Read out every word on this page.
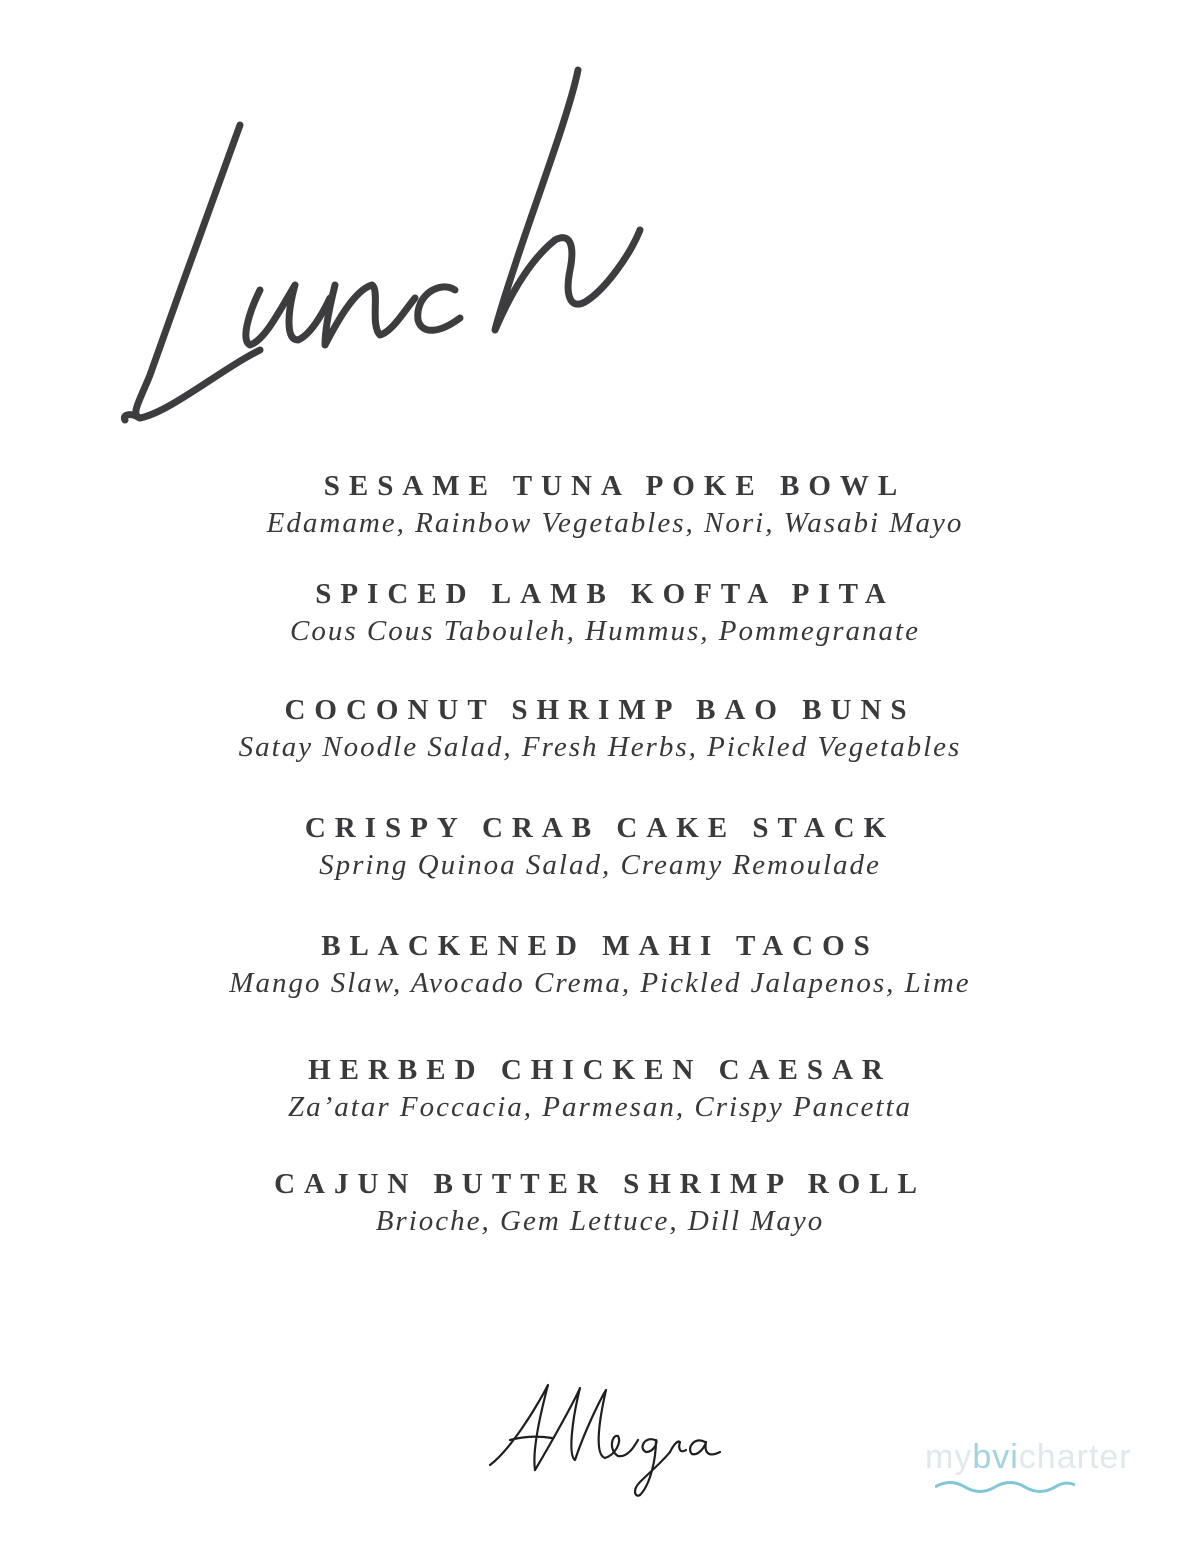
SESAME TUNA POKE BOWL
Edamame, Rainbow Vegetables, Nori, Wasabi Mayo
SPICED LAMB KOFTA PITA
Cous Cous Tabouleh, Hummus, Pommegranate
COCONUT SHRIMP BAO BUNS
Satay Noodle Salad, Fresh Herbs, Pickled Vegetables
CRISPY CRAB CAKE STACK
Spring Quinoa Salad, Creamy Remoulade
BLACKENED MAHI TACOS
Mango Slaw, Avocado Crema, Pickled Jalapenos, Lime
HERBED CHICKEN CAESAR
Za’atar Foccacia, Parmesan, Crispy Pancetta
CAJUN BUTTER SHRIMP ROLL
Brioche, Gem Lettuce, Dill Mayo
mybvicharter
